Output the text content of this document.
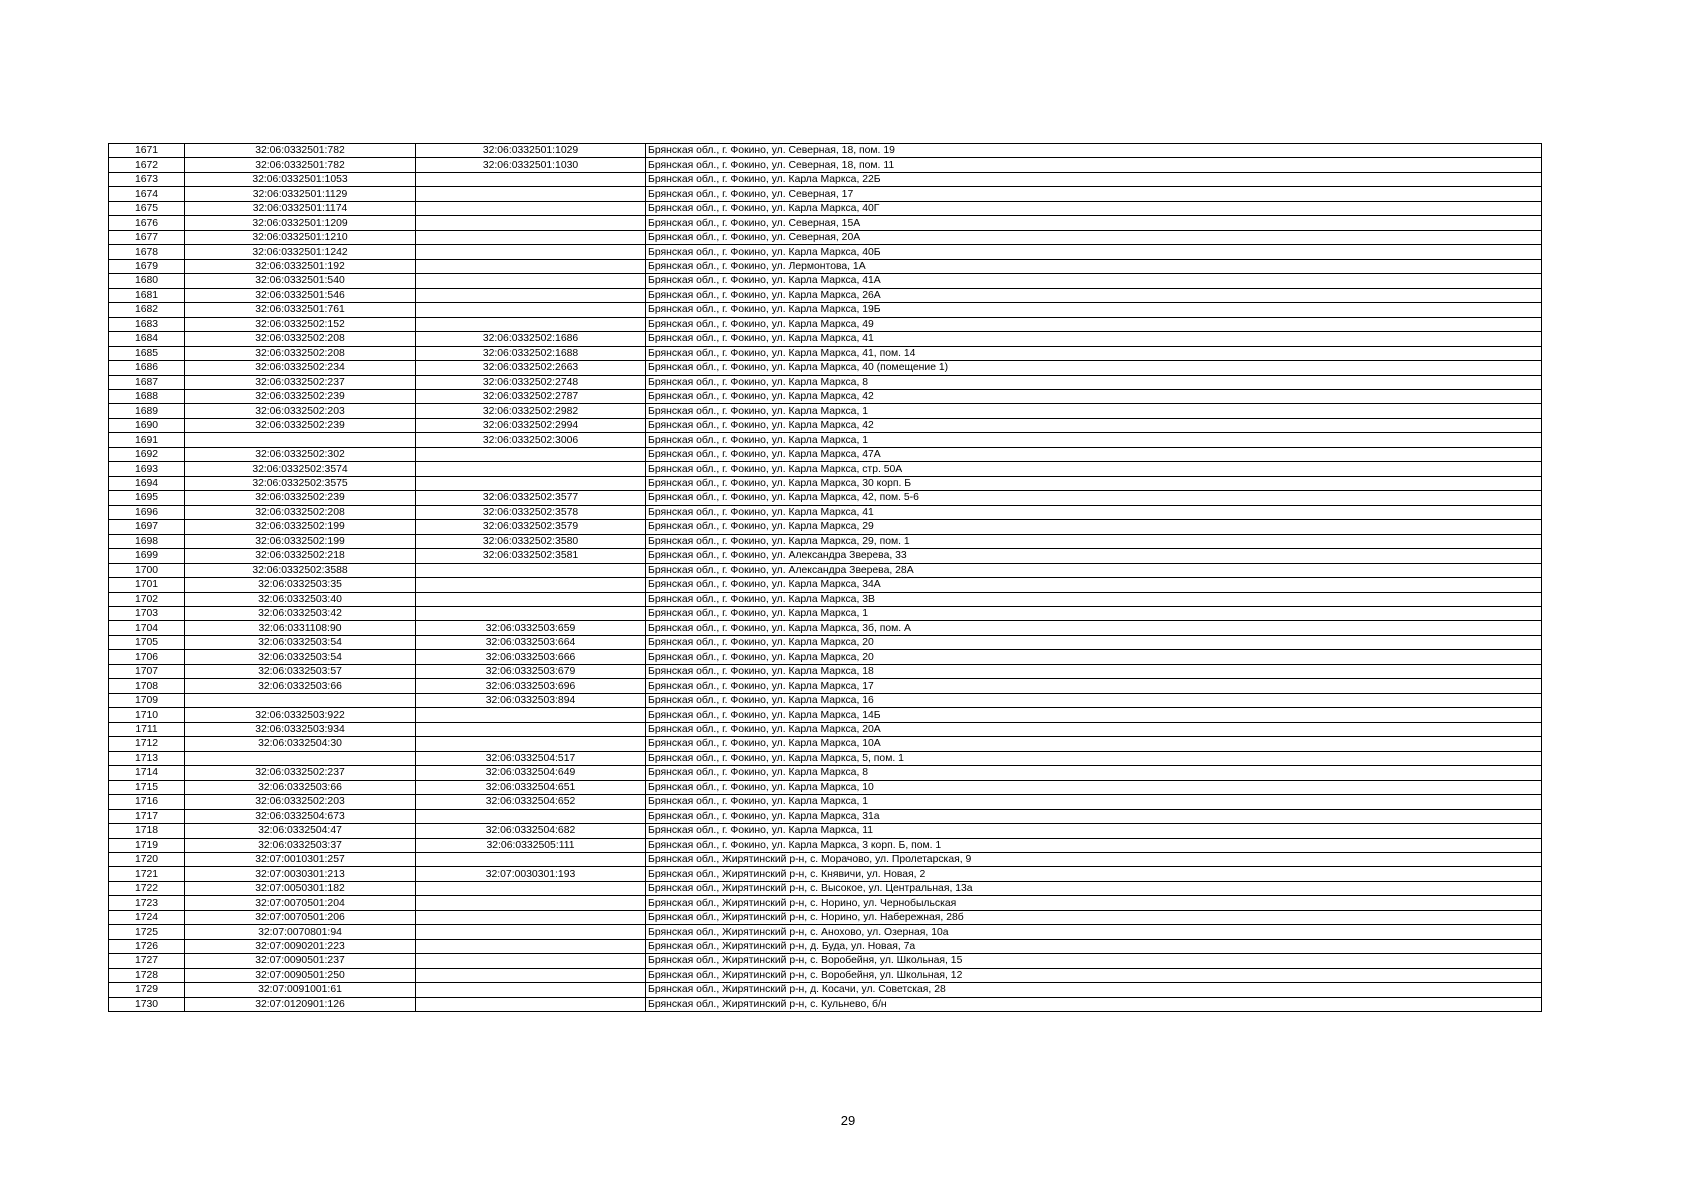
1671	32:06:0332501:782	32:06:0332501:1029	Брянская обл., г. Фокино, ул. Северная, 18, пом. 19
1672	32:06:0332501:782	32:06:0332501:1030	Брянская обл., г. Фокино, ул. Северная, 18, пом. 11
1673	32:06:0332501:1053		Брянская обл., г. Фокино, ул. Карла Маркса, 22Б
1674	32:06:0332501:1129		Брянская обл., г. Фокино, ул. Северная, 17
1675	32:06:0332501:1174		Брянская обл., г. Фокино, ул. Карла Маркса, 40Г
1676	32:06:0332501:1209		Брянская обл., г. Фокино, ул. Северная, 15А
1677	32:06:0332501:1210		Брянская обл., г. Фокино, ул. Северная, 20А
1678	32:06:0332501:1242		Брянская обл., г. Фокино, ул. Карла Маркса, 40Б
1679	32:06:0332501:192		Брянская обл., г. Фокино, ул. Лермонтова, 1А
1680	32:06:0332501:540		Брянская обл., г. Фокино, ул. Карла Маркса, 41А
1681	32:06:0332501:546		Брянская обл., г. Фокино, ул. Карла Маркса, 26А
1682	32:06:0332501:761		Брянская обл., г. Фокино, ул. Карла Маркса, 19Б
1683	32:06:0332502:152		Брянская обл., г. Фокино, ул. Карла Маркса, 49
1684	32:06:0332502:208	32:06:0332502:1686	Брянская обл., г. Фокино, ул. Карла Маркса, 41
1685	32:06:0332502:208	32:06:0332502:1688	Брянская обл., г. Фокино, ул. Карла Маркса, 41, пом. 14
1686	32:06:0332502:234	32:06:0332502:2663	Брянская обл., г. Фокино, ул. Карла Маркса, 40 (помещение 1)
1687	32:06:0332502:237	32:06:0332502:2748	Брянская обл., г. Фокино, ул. Карла Маркса, 8
1688	32:06:0332502:239	32:06:0332502:2787	Брянская обл., г. Фокино, ул. Карла Маркса, 42
1689	32:06:0332502:203	32:06:0332502:2982	Брянская обл., г. Фокино, ул. Карла Маркса, 1
1690	32:06:0332502:239	32:06:0332502:2994	Брянская обл., г. Фокино, ул. Карла Маркса, 42
1691		32:06:0332502:3006	Брянская обл., г. Фокино, ул. Карла Маркса, 1
1692	32:06:0332502:302		Брянская обл., г. Фокино, ул. Карла Маркса, 47А
1693	32:06:0332502:3574		Брянская обл., г. Фокино, ул. Карла Маркса, стр. 50А
1694	32:06:0332502:3575		Брянская обл., г. Фокино, ул. Карла Маркса, 30 корп. Б
1695	32:06:0332502:239	32:06:0332502:3577	Брянская обл., г. Фокино, ул. Карла Маркса, 42, пом. 5-6
1696	32:06:0332502:208	32:06:0332502:3578	Брянская обл., г. Фокино, ул. Карла Маркса, 41
1697	32:06:0332502:199	32:06:0332502:3579	Брянская обл., г. Фокино, ул. Карла Маркса, 29
1698	32:06:0332502:199	32:06:0332502:3580	Брянская обл., г. Фокино, ул. Карла Маркса, 29, пом. 1
1699	32:06:0332502:218	32:06:0332502:3581	Брянская обл., г. Фокино, ул. Александра Зверева, 33
1700	32:06:0332502:3588		Брянская обл., г. Фокино, ул. Александра Зверева, 28А
1701	32:06:0332503:35		Брянская обл., г. Фокино, ул. Карла Маркса, 34А
1702	32:06:0332503:40		Брянская обл., г. Фокино, ул. Карла Маркса, 3В
1703	32:06:0332503:42		Брянская обл., г. Фокино, ул. Карла Маркса, 1
1704	32:06:0331108:90	32:06:0332503:659	Брянская обл., г. Фокино, ул. Карла Маркса, 3б, пом. А
1705	32:06:0332503:54	32:06:0332503:664	Брянская обл., г. Фокино, ул. Карла Маркса, 20
1706	32:06:0332503:54	32:06:0332503:666	Брянская обл., г. Фокино, ул. Карла Маркса, 20
1707	32:06:0332503:57	32:06:0332503:679	Брянская обл., г. Фокино, ул. Карла Маркса, 18
1708	32:06:0332503:66	32:06:0332503:696	Брянская обл., г. Фокино, ул. Карла Маркса, 17
1709		32:06:0332503:894	Брянская обл., г. Фокино, ул. Карла Маркса, 16
1710	32:06:0332503:922		Брянская обл., г. Фокино, ул. Карла Маркса, 14Б
1711	32:06:0332503:934		Брянская обл., г. Фокино, ул. Карла Маркса, 20А
1712	32:06:0332504:30		Брянская обл., г. Фокино, ул. Карла Маркса, 10А
1713		32:06:0332504:517	Брянская обл., г. Фокино, ул. Карла Маркса, 5, пом. 1
1714	32:06:0332502:237	32:06:0332504:649	Брянская обл., г. Фокино, ул. Карла Маркса, 8
1715	32:06:0332503:66	32:06:0332504:651	Брянская обл., г. Фокино, ул. Карла Маркса, 10
1716	32:06:0332502:203	32:06:0332504:652	Брянская обл., г. Фокино, ул. Карла Маркса, 1
1717	32:06:0332504:673		Брянская обл., г. Фокино, ул. Карла Маркса, 31а
1718	32:06:0332504:47	32:06:0332504:682	Брянская обл., г. Фокино, ул. Карла Маркса, 11
1719	32:06:0332503:37	32:06:0332505:111	Брянская обл., г. Фокино, ул. Карла Маркса, 3 корп. Б, пом. 1
1720	32:07:0010301:257		Брянская обл., Жирятинский р-н, с. Морачово, ул. Пролетарская, 9
1721	32:07:0030301:213	32:07:0030301:193	Брянская обл., Жирятинский р-н, с. Княвичи, ул. Новая, 2
1722	32:07:0050301:182		Брянская обл., Жирятинский р-н, с. Высокое, ул. Центральная, 13а
1723	32:07:0070501:204		Брянская обл., Жирятинский р-н, с. Норино, ул. Чернобыльская
1724	32:07:0070501:206		Брянская обл., Жирятинский р-н, с. Норино, ул. Набережная, 28б
1725	32:07:0070801:94		Брянская обл., Жирятинский р-н, с. Анохово, ул. Озерная, 10а
1726	32:07:0090201:223		Брянская обл., Жирятинский р-н, д. Буда, ул. Новая, 7а
1727	32:07:0090501:237		Брянская обл., Жирятинский р-н, с. Воробейня, ул. Школьная, 15
1728	32:07:0090501:250		Брянская обл., Жирятинский р-н, с. Воробейня, ул. Школьная, 12
1729	32:07:0091001:61		Брянская обл., Жирятинский р-н, д. Косачи, ул. Советская, 28
1730	32:07:0120901:126		Брянская обл., Жирятинский р-н, с. Кульнево, б/н
29
